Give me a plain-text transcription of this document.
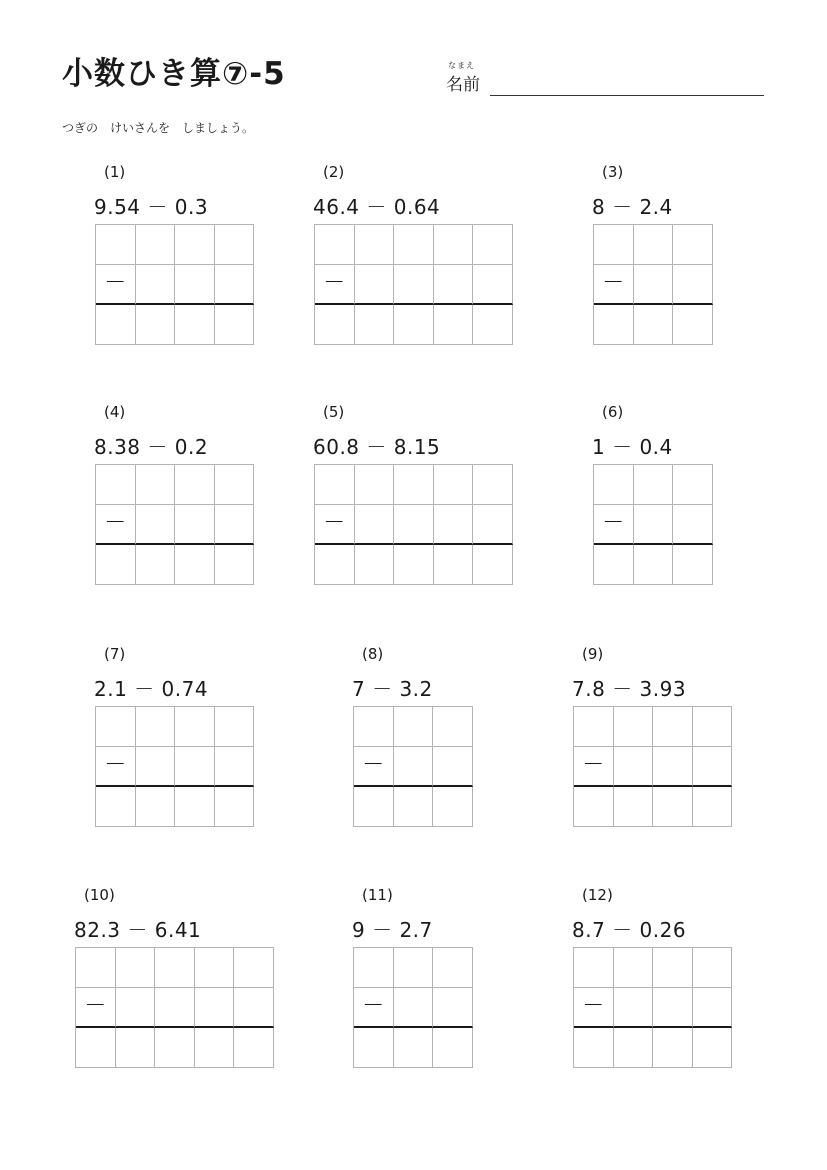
小数ひき算⑦-5	なまえ
名前
つぎの　けいさんを　しましょう。
(1)
9.54 － 0.3
－
(2)
46.4 － 0.64
－
(3)
8 － 2.4
－
(4)
8.38 － 0.2
－
(5)
60.8 － 8.15
－
(6)
1 － 0.4
－
(7)
2.1 － 0.74
－
(8)
7 － 3.2
－
(9)
7.8 － 3.93
－
(10)
82.3 － 6.41
－
(11)
9 － 2.7
－
(12)
8.7 － 0.26
－
